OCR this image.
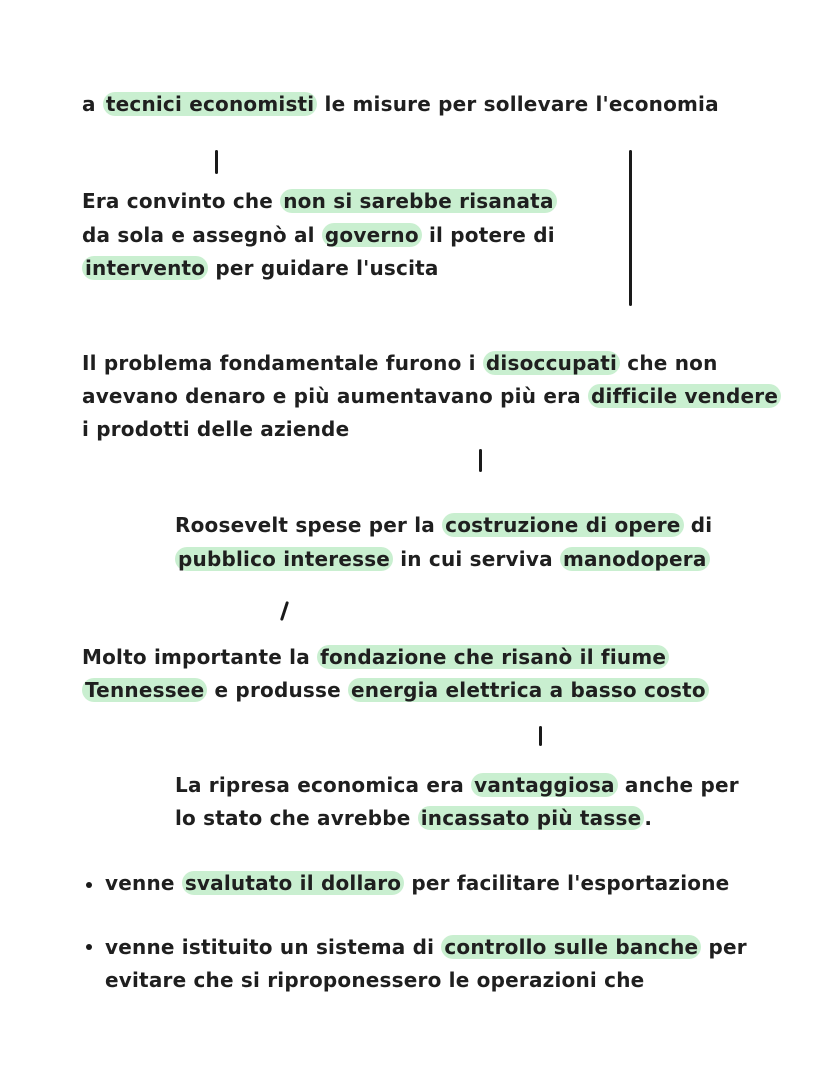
a tecnici economisti le misure per sollevare l'economia
Era convinto che non si sarebbe risanata
da sola e assegnò al governo il potere di
intervento per guidare l'uscita
Il problema fondamentale furono i disoccupati che non
avevano denaro e più aumentavano più era difficile vendere
i prodotti delle aziende
Roosevelt spese per la costruzione di opere di
pubblico interesse in cui serviva manodopera
Molto importante la fondazione che risanò il fiume
Tennessee e produsse energia elettrica a basso costo
La ripresa economica era vantaggiosa anche per
lo stato che avrebbe incassato più tasse .
venne svalutato il dollaro per facilitare l'esportazione
venne istituito un sistema di controllo sulle banche per
evitare che si riproponessero le operazioni che
